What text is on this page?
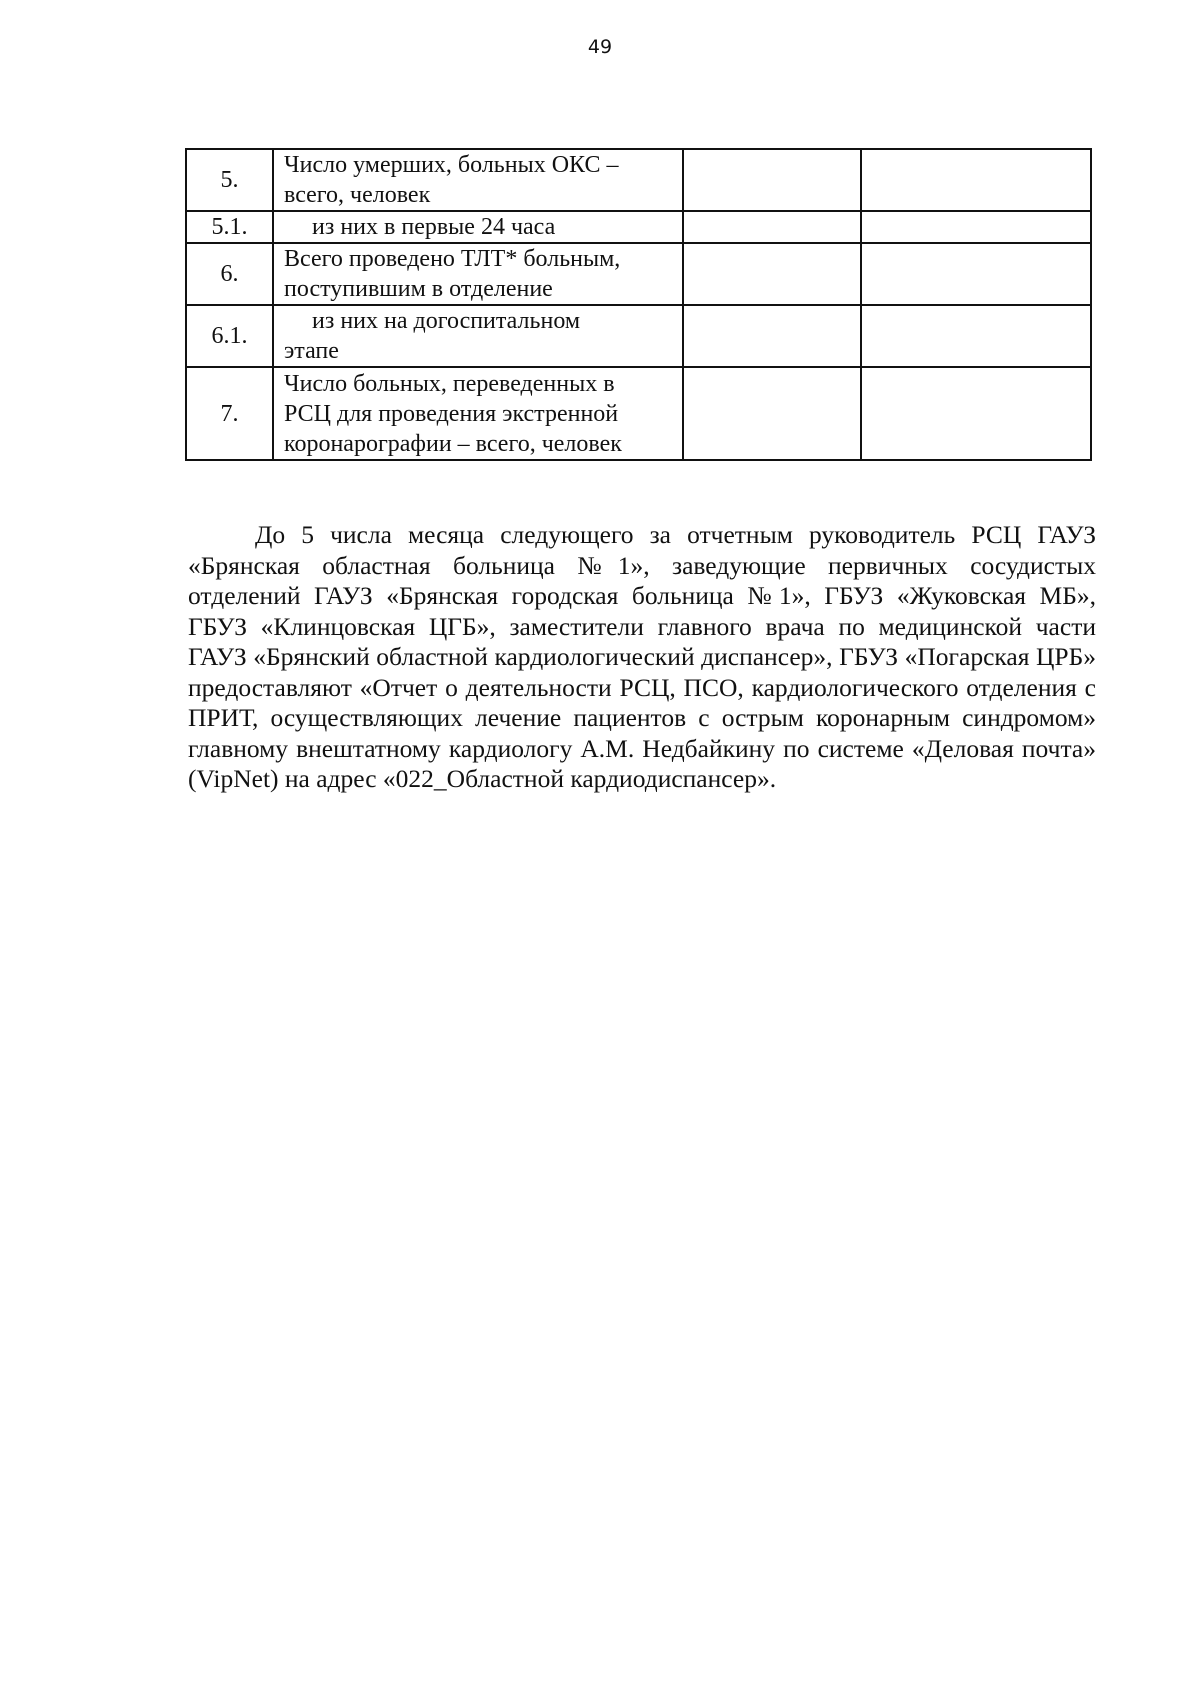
49
5.	Число умерших, больных ОКС –
всего, человек		

5.1.	из них в первые 24 часа		
6.	Всего проведено ТЛТ* больным,
поступившим в отделение		

6.1.	из них на догоспитальном
этапе		

7.	Число больных, переведенных в
РСЦ для проведения экстренной
коронарографии – всего, человек		

До 5 числа месяца следующего за отчетным руководитель РСЦ ГАУЗ «Брянская областная больница №1», заведующие первичных сосудистых отделений ГАУЗ «Брянская городская больница №1», ГБУЗ «Жуковская МБ», ГБУЗ «Клинцовская ЦГБ», заместители главного врача по медицинской части ГАУЗ «Брянский областной кардиологический диспансер», ГБУЗ «Погарская ЦРБ» предоставляют «Отчет о деятельности РСЦ, ПСО, кардиологического отделения с ПРИТ, осуществляющих лечение пациентов с острым коронарным синдромом» главному внештатному кардиологу А.М. Недбайкину по системе «Деловая почта» (VipNet) на адрес «022_Областной кардиодиспансер».
